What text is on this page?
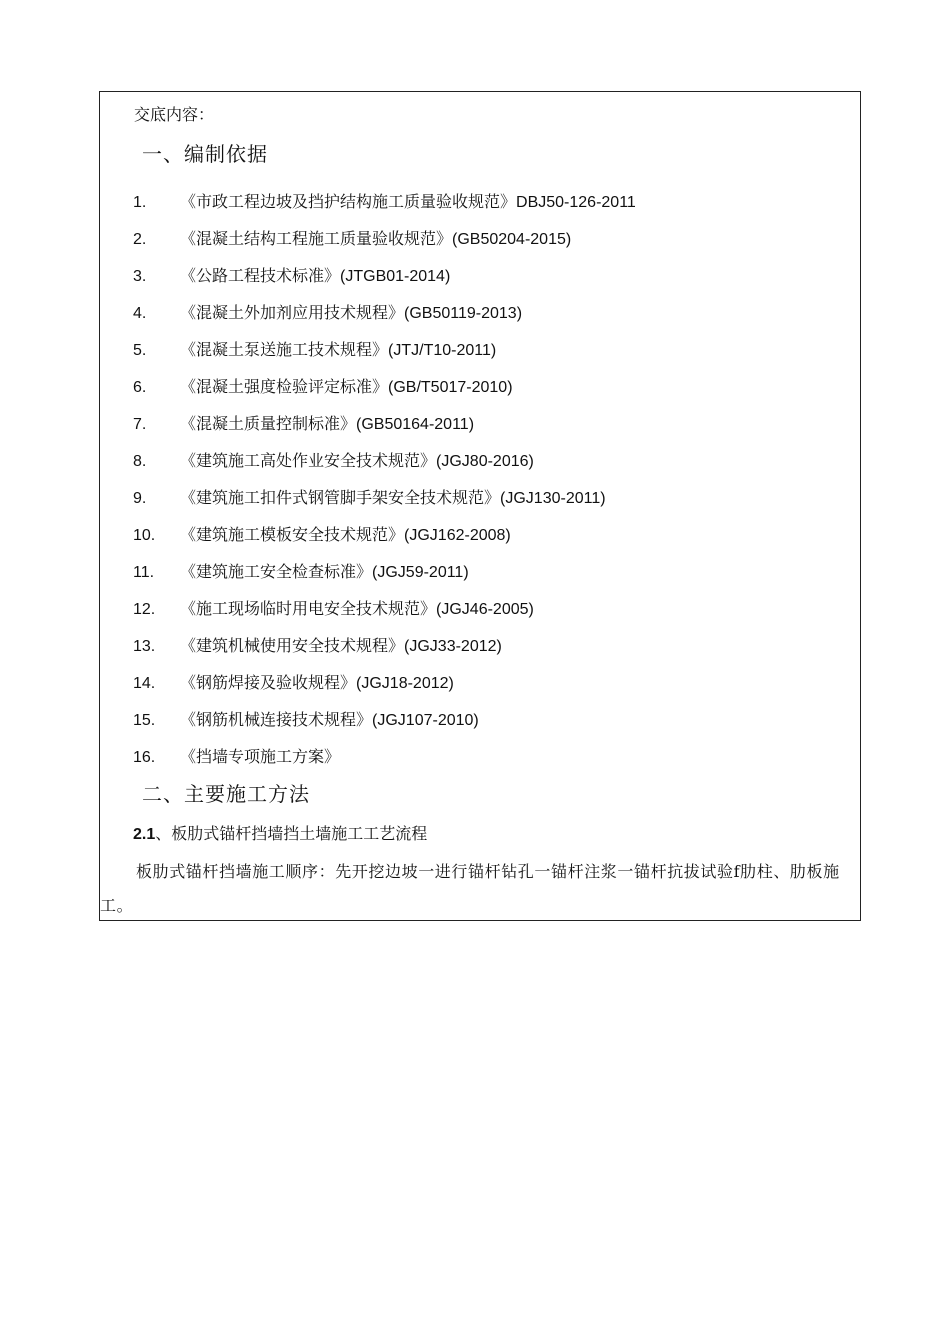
交底内容：
一、编制依据
1. 《市政工程边坡及挡护结构施工质量验收规范》DBJ50-126-2011
2. 《混凝土结构工程施工质量验收规范》(GB50204-2015)
3. 《公路工程技术标准》(JTGB01-2014)
4. 《混凝土外加剂应用技术规程》(GB50119-2013)
5. 《混凝土泵送施工技术规程》(JTJ/T10-2011)
6. 《混凝土强度检验评定标准》(GB/T5017-2010)
7. 《混凝土质量控制标准》(GB50164-2011)
8. 《建筑施工高处作业安全技术规范》(JGJ80-2016)
9. 《建筑施工扣件式钢管脚手架安全技术规范》(JGJ130-2011)
10. 《建筑施工模板安全技术规范》(JGJ162-2008)
11. 《建筑施工安全检查标准》(JGJ59-2011)
12. 《施工现场临时用电安全技术规范》(JGJ46-2005)
13. 《建筑机械使用安全技术规程》(JGJ33-2012)
14. 《钢筋焊接及验收规程》(JGJ18-2012)
15. 《钢筋机械连接技术规程》(JGJ107-2010)
16. 《挡墙专项施工方案》
二、主要施工方法
2.1、板肋式锚杆挡墙挡土墙施工工艺流程
板肋式锚杆挡墙施工顺序：先开挖边坡一进行锚杆钻孔一锚杆注浆一锚杆抗拔试验f肋柱、肋板施工。
